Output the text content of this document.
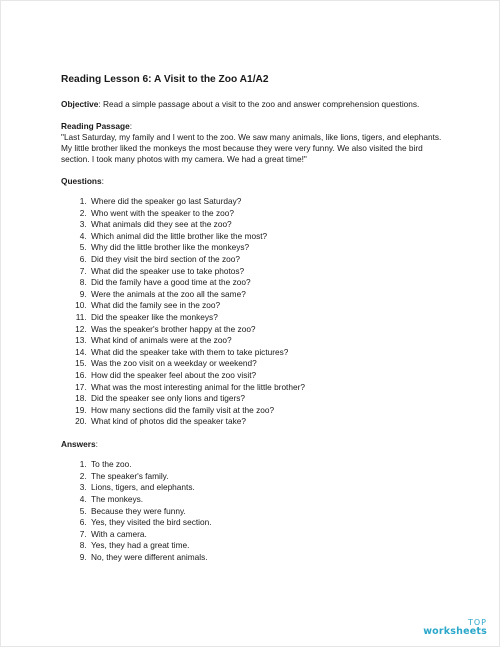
Reading Lesson 6: A Visit to the Zoo A1/A2

Objective: Read a simple passage about a visit to the zoo and answer comprehension questions.

Reading Passage:

"Last Saturday, my family and I went to the zoo. We saw many animals, like lions, tigers, and elephants. My little brother liked the monkeys the most because they were very funny. We also visited the bird section. I took many photos with my camera. We had a great time!"

Questions:

1. Where did the speaker go last Saturday?
2. Who went with the speaker to the zoo?
3. What animals did they see at the zoo?
4. Which animal did the little brother like the most?
5. Why did the little brother like the monkeys?
6. Did they visit the bird section of the zoo?
7. What did the speaker use to take photos?
8. Did the family have a good time at the zoo?
9. Were the animals at the zoo all the same?
10. What did the family see in the zoo?
11. Did the speaker like the monkeys?
12. Was the speaker's brother happy at the zoo?
13. What kind of animals were at the zoo?
14. What did the speaker take with them to take pictures?
15. Was the zoo visit on a weekday or weekend?
16. How did the speaker feel about the zoo visit?
17. What was the most interesting animal for the little brother?
18. Did the speaker see only lions and tigers?
19. How many sections did the family visit at the zoo?
20. What kind of photos did the speaker take?

Answers:

1. To the zoo.
2. The speaker's family.
3. Lions, tigers, and elephants.
4. The monkeys.
5. Because they were funny.
6. Yes, they visited the bird section.
7. With a camera.
8. Yes, they had a great time.
9. No, they were different animals.
TOP
worksheets
